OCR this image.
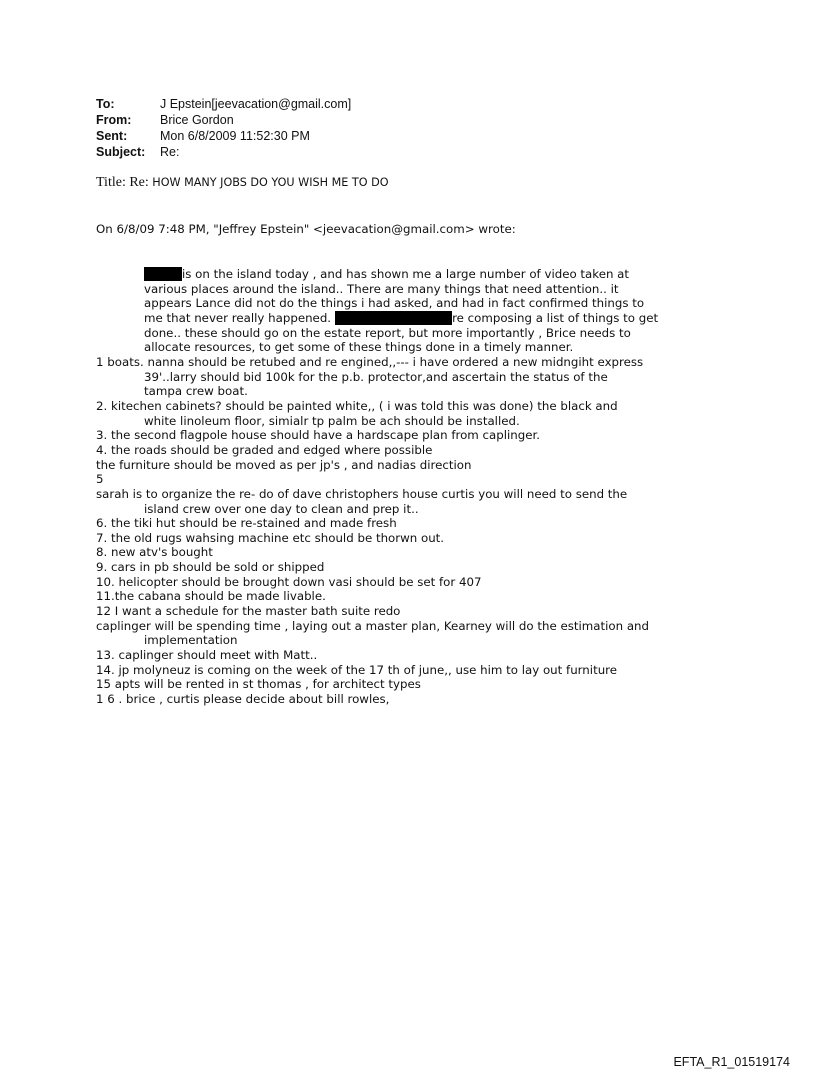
To:	J Epstein[jeevacation@gmail.com]
From:	Brice Gordon
Sent:	Mon 6/8/2009 11:52:30 PM
Subject:	Re:
Title: Re: HOW MANY JOBS DO YOU WISH ME TO DO
On 6/8/09 7:48 PM, "Jeffrey Epstein" <jeevacation@gmail.com> wrote:
is on the island today , and has shown me a large number of video taken at
various places around the island.. There are many things that need attention.. it
appears Lance did not do the things i had asked, and had in fact confirmed things to
me that never really happened.	re composing a list of things to get
done.. these should go on the estate report, but more importantly , Brice needs to
allocate resources, to get some of these things done in a timely manner.
1 boats. nanna should be retubed and re engined,,--- i have ordered a new midngiht express
39'..larry should bid 100k for the p.b. protector,and ascertain the status of the
tampa crew boat.
2. kitechen cabinets? should be painted white,, ( i was told this was done) the black and
white linoleum floor, simialr tp palm be ach should be installed.
3. the second flagpole house should have a hardscape plan from caplinger.
4. the roads should be graded and edged where possible
the furniture should be moved as per jp's , and nadias direction
5
sarah is to organize the re- do of dave christophers house curtis you will need to send the
island crew over one day to clean and prep it..
6. the tiki hut should be re-stained and made fresh
7. the old rugs wahsing machine etc should be thorwn out.
8. new atv's bought
9. cars in pb should be sold or shipped
10. helicopter should be brought down vasi should be set for 407
11.the cabana should be made livable.
12 I want a schedule for the master bath suite redo
caplinger will be spending time , laying out a master plan, Kearney will do the estimation and
implementation
13. caplinger should meet with Matt..
14. jp molyneuz is coming on the week of the 17 th of june,, use him to lay out furniture
15 apts will be rented in st thomas , for architect types
1 6 . brice , curtis please decide about bill rowles,
EFTA_R1_01519174
